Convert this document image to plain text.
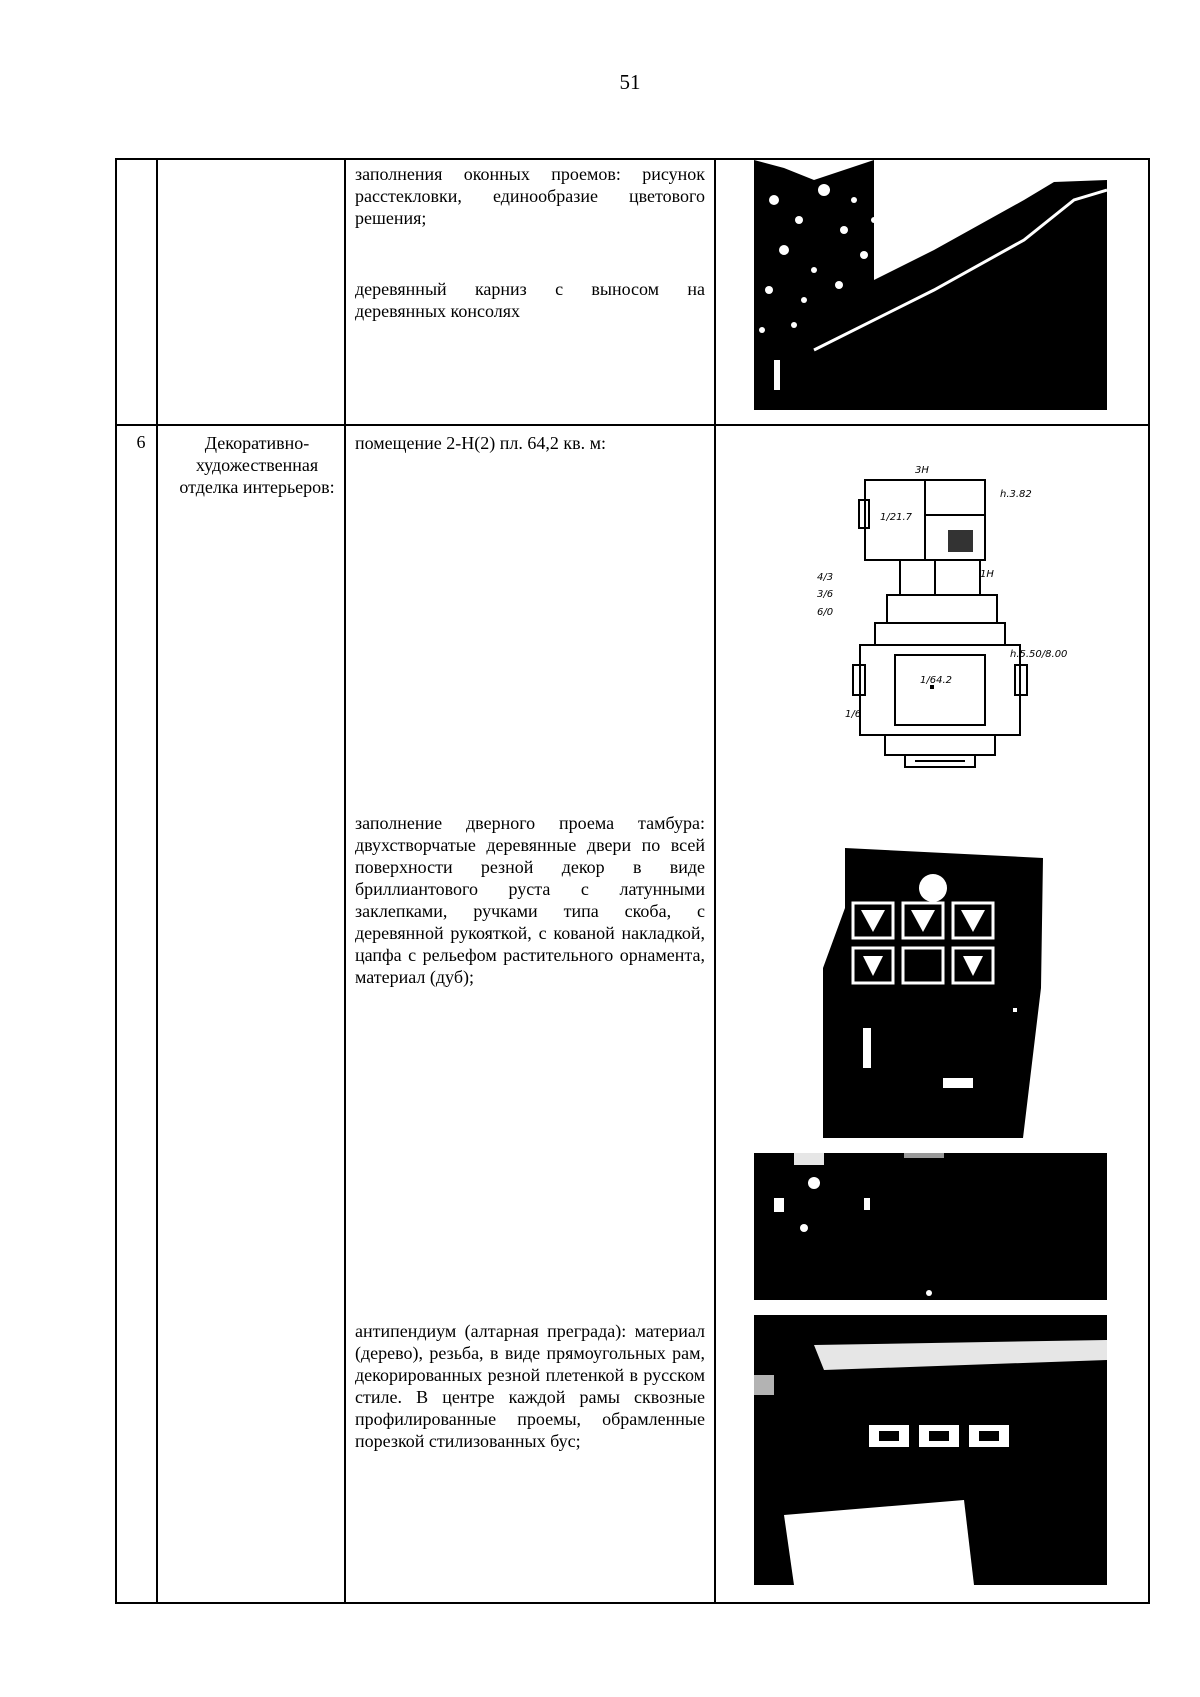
51
заполнения оконных проемов: рисунок расстекловки, единообразие цветового решения;
деревянный карниз с выносом на деревянных консолях
6	Декоративно-художественная отделка интерьеров:
помещение 2-Н(2) пл. 64,2 кв. м:
3Н
h.3.82
h.5.50/8.00
4/3
3/6
6/0
1/6
1Н
1/21.7
1/64.2
заполнение дверного проема тамбура: двухстворчатые деревянные двери по всей поверхности резной декор в виде бриллиантового руста с латунными заклепками, ручками типа скоба, с деревянной рукояткой, с кованой накладкой, цапфа с рельефом растительного орнамента, материал (дуб);
антипендиум (алтарная преграда): материал (дерево), резьба, в виде прямоугольных рам, декорированных резной плетенкой в русском стиле. В центре каждой рамы сквозные профилированные проемы, обрамленные порезкой стилизованных бус;
